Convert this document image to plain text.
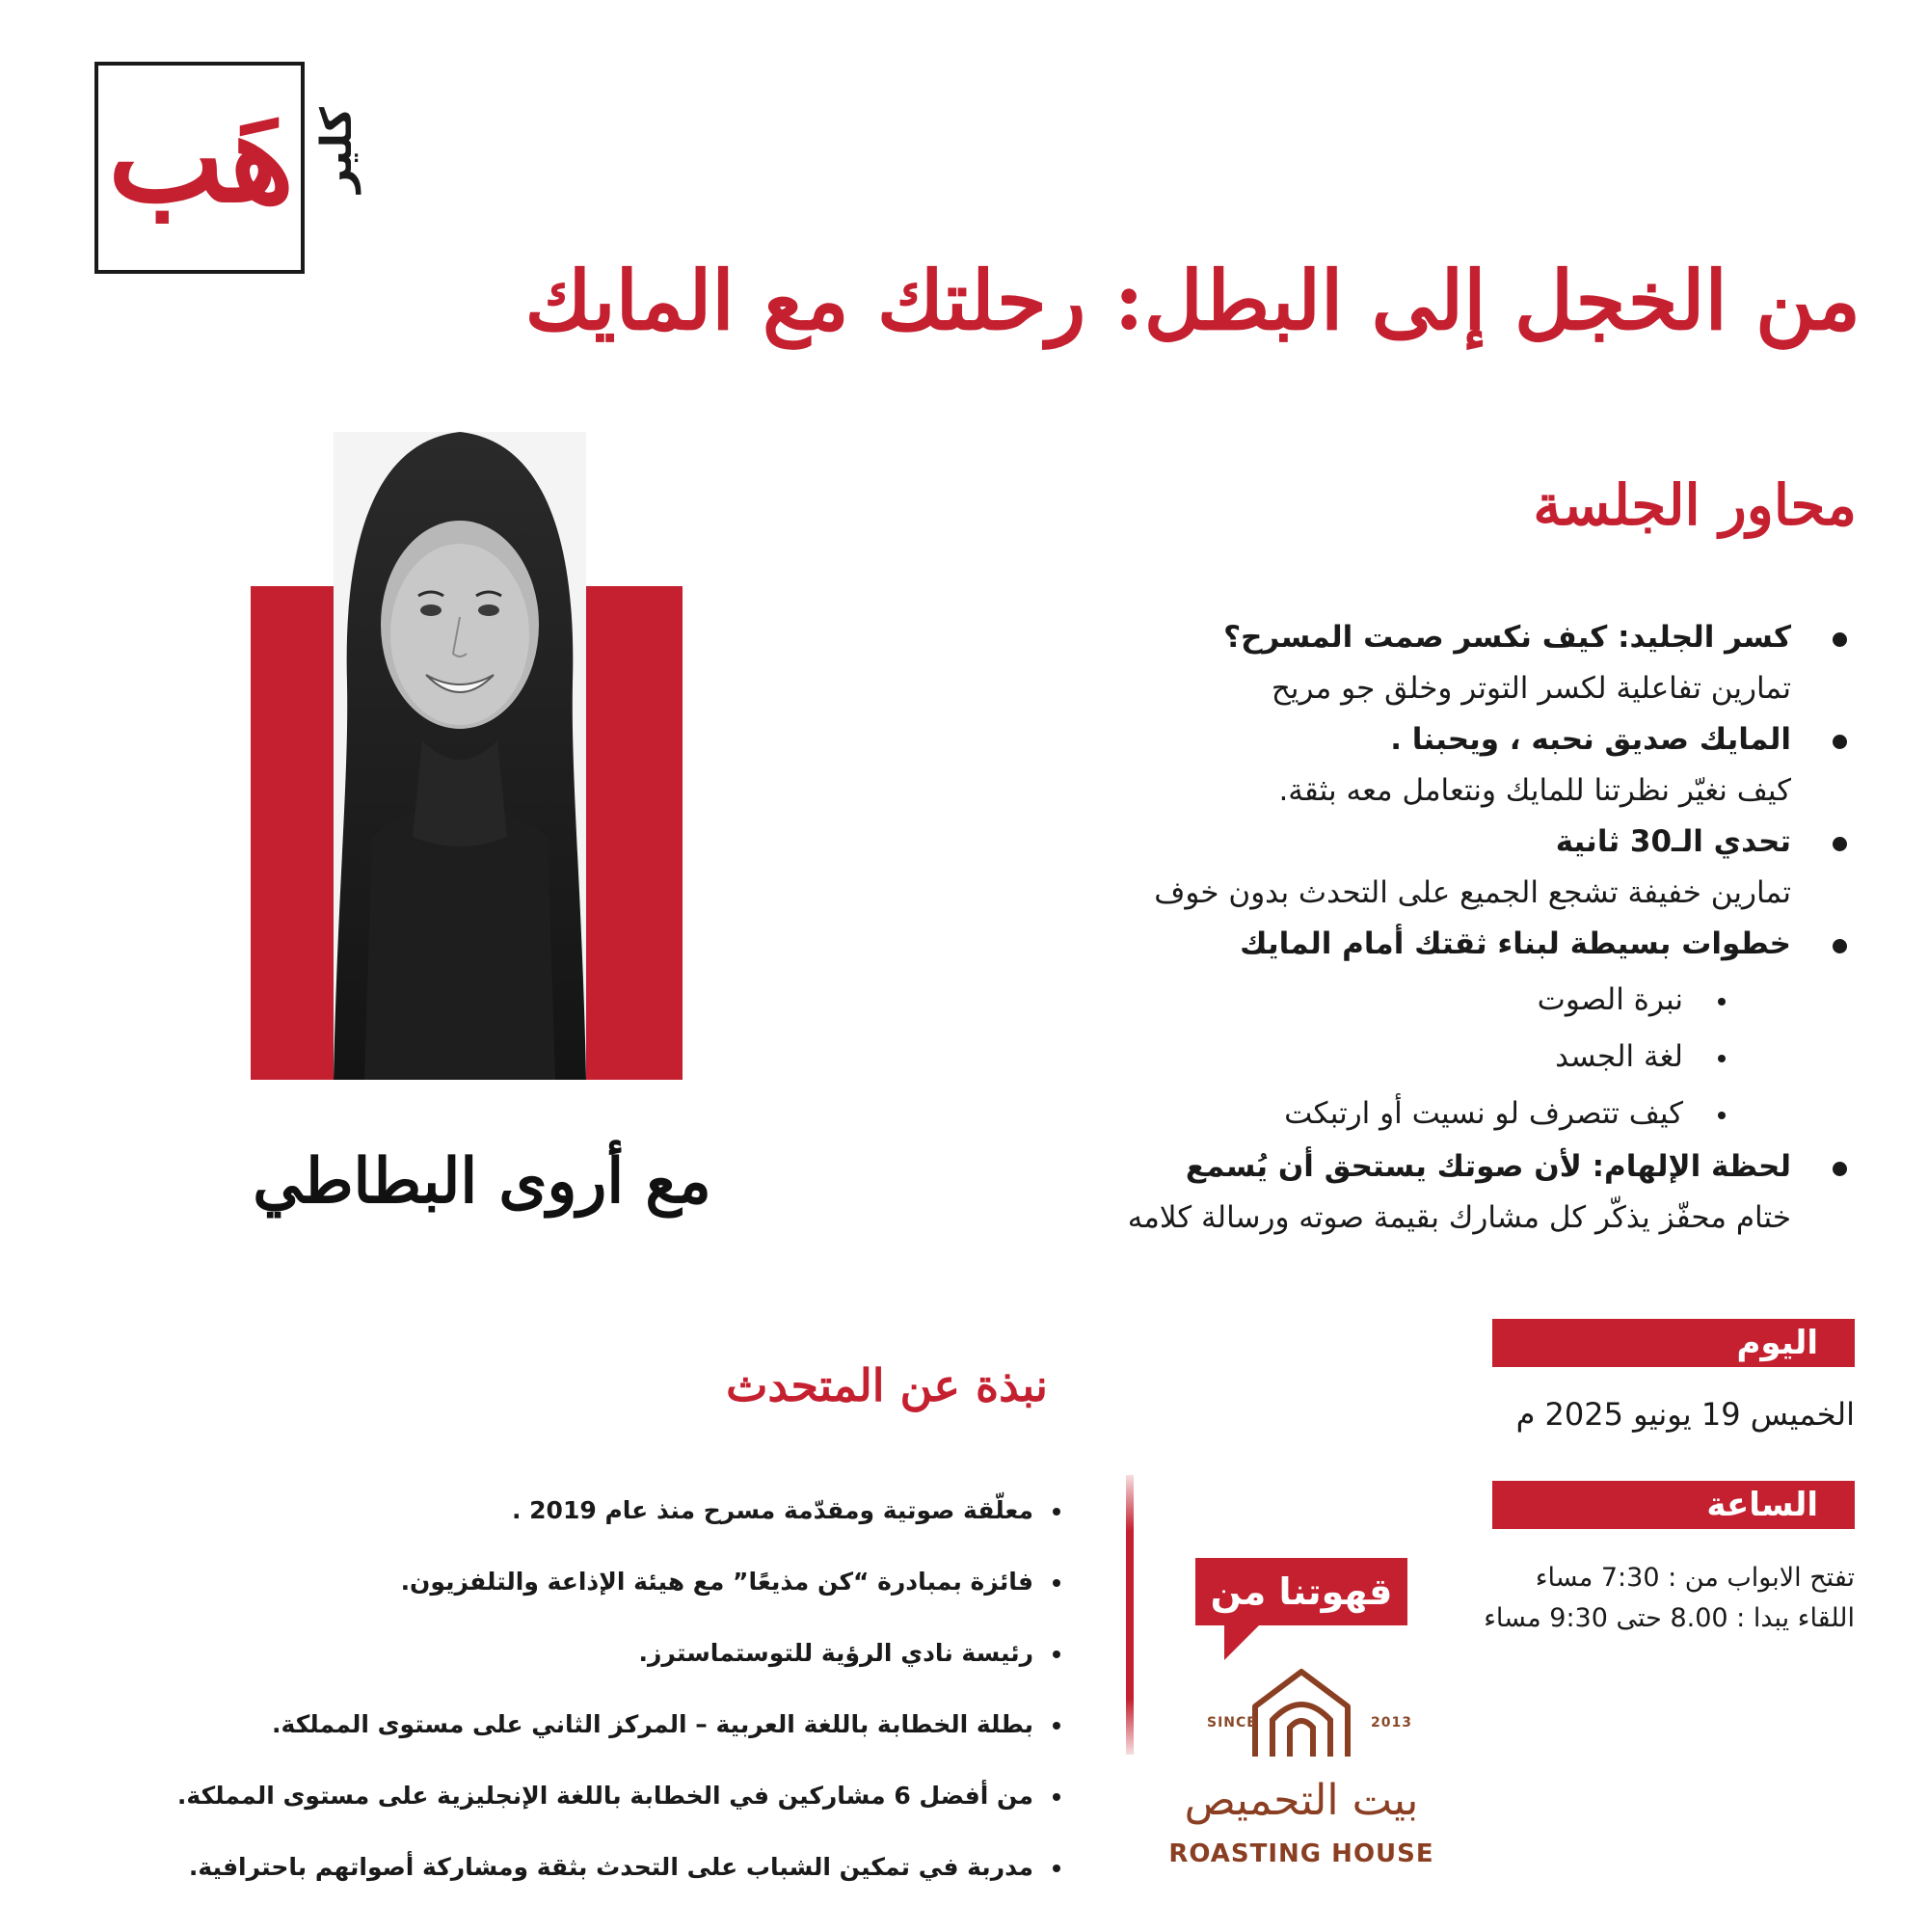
هَب كلير
من الخجل إلى البطل: رحلتك مع المايك
مع أروى البطاطي
محاور الجلسة
كسر الجليد: كيف نكسر صمت المسرح؟
تمارين تفاعلية لكسر التوتر وخلق جو مريح
المايك صديق نحبه ، ويحبنا .
كيف نغيّر نظرتنا للمايك ونتعامل معه بثقة.
تحدي الـ30 ثانية
تمارين خفيفة تشجع الجميع على التحدث بدون خوف
خطوات بسيطة لبناء ثقتك أمام المايك
نبرة الصوت
لغة الجسد
كيف تتصرف لو نسيت أو ارتبكت
لحظة الإلهام: لأن صوتك يستحق أن يُسمع
ختام محفّز يذكّر كل مشارك بقيمة صوته ورسالة كلامه
اليوم
الخميس 19 يونيو 2025 م
الساعة
تفتح الابواب من : 7:30 مساء
اللقاء يبدا : 8.00 حتى 9:30 مساء
نبذة عن المتحدث
معلّقة صوتية ومقدّمة مسرح منذ عام 2019 .
فائزة بمبادرة “كن مذيعًا” مع هيئة الإذاعة والتلفزيون.
رئيسة نادي الرؤية للتوستماسترز.
بطلة الخطابة باللغة العربية – المركز الثاني على مستوى المملكة.
من أفضل 6 مشاركين في الخطابة باللغة الإنجليزية على مستوى المملكة.
مدربة في تمكين الشباب على التحدث بثقة ومشاركة أصواتهم باحترافية.
قهوتنا من
SINCE	2013
بيت التحميص
ROASTING HOUSE
